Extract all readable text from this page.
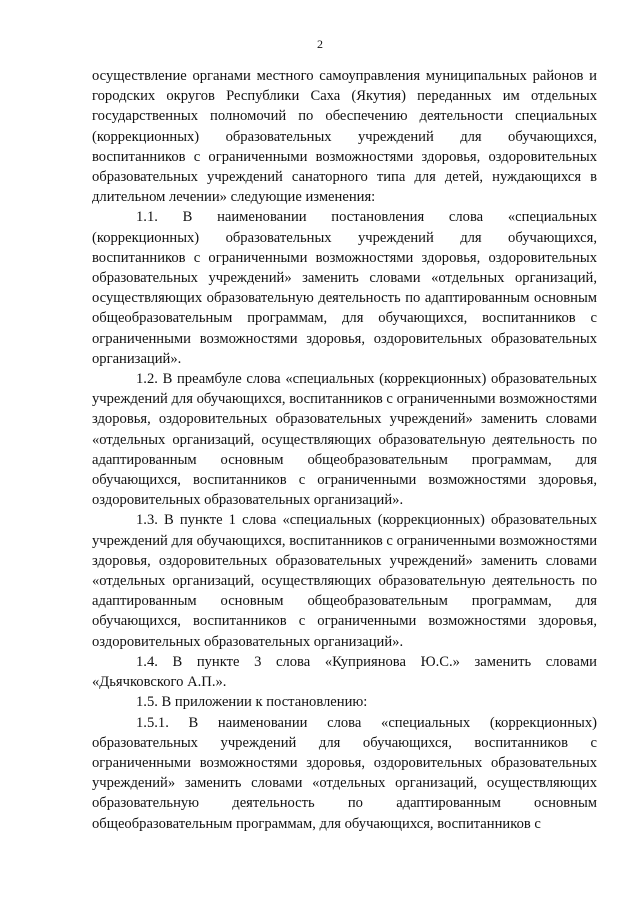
2

осуществление органами местного самоуправления муниципальных районов и городских округов Республики Саха (Якутия) переданных им отдельных государственных полномочий по обеспечению деятельности специальных (коррекционных) образовательных учреждений для обучающихся, воспитанников с ограниченными возможностями здоровья, оздоровительных образовательных учреждений санаторного типа для детей, нуждающихся в длительном лечении» следующие изменения:

1.1. В наименовании постановления слова «специальных (коррекционных) образовательных учреждений для обучающихся, воспитанников с ограниченными возможностями здоровья, оздоровительных образовательных учреждений» заменить словами «отдельных организаций, осуществляющих образовательную деятельность по адаптированным основным общеобразовательным программам, для обучающихся, воспитанников с ограниченными возможностями здоровья, оздоровительных образовательных организаций».

1.2. В преамбуле слова «специальных (коррекционных) образовательных учреждений для обучающихся, воспитанников с ограниченными возможностями здоровья, оздоровительных образовательных учреждений» заменить словами «отдельных организаций, осуществляющих образовательную деятельность по адаптированным основным общеобразовательным программам, для обучающихся, воспитанников с ограниченными возможностями здоровья, оздоровительных образовательных организаций».

1.3. В пункте 1 слова «специальных (коррекционных) образовательных учреждений для обучающихся, воспитанников с ограниченными возможностями здоровья, оздоровительных образовательных учреждений» заменить словами «отдельных организаций, осуществляющих образовательную деятельность по адаптированным основным общеобразовательным программам, для обучающихся, воспитанников с ограниченными возможностями здоровья, оздоровительных образовательных организаций».

1.4. В пункте 3 слова «Куприянова Ю.С.» заменить словами «Дьячковского А.П.».

1.5. В приложении к постановлению:

1.5.1. В наименовании слова «специальных (коррекционных) образовательных учреждений для обучающихся, воспитанников с ограниченными возможностями здоровья, оздоровительных образовательных учреждений» заменить словами «отдельных организаций, осуществляющих образовательную деятельность по адаптированным основным общеобразовательным программам, для обучающихся, воспитанников с
